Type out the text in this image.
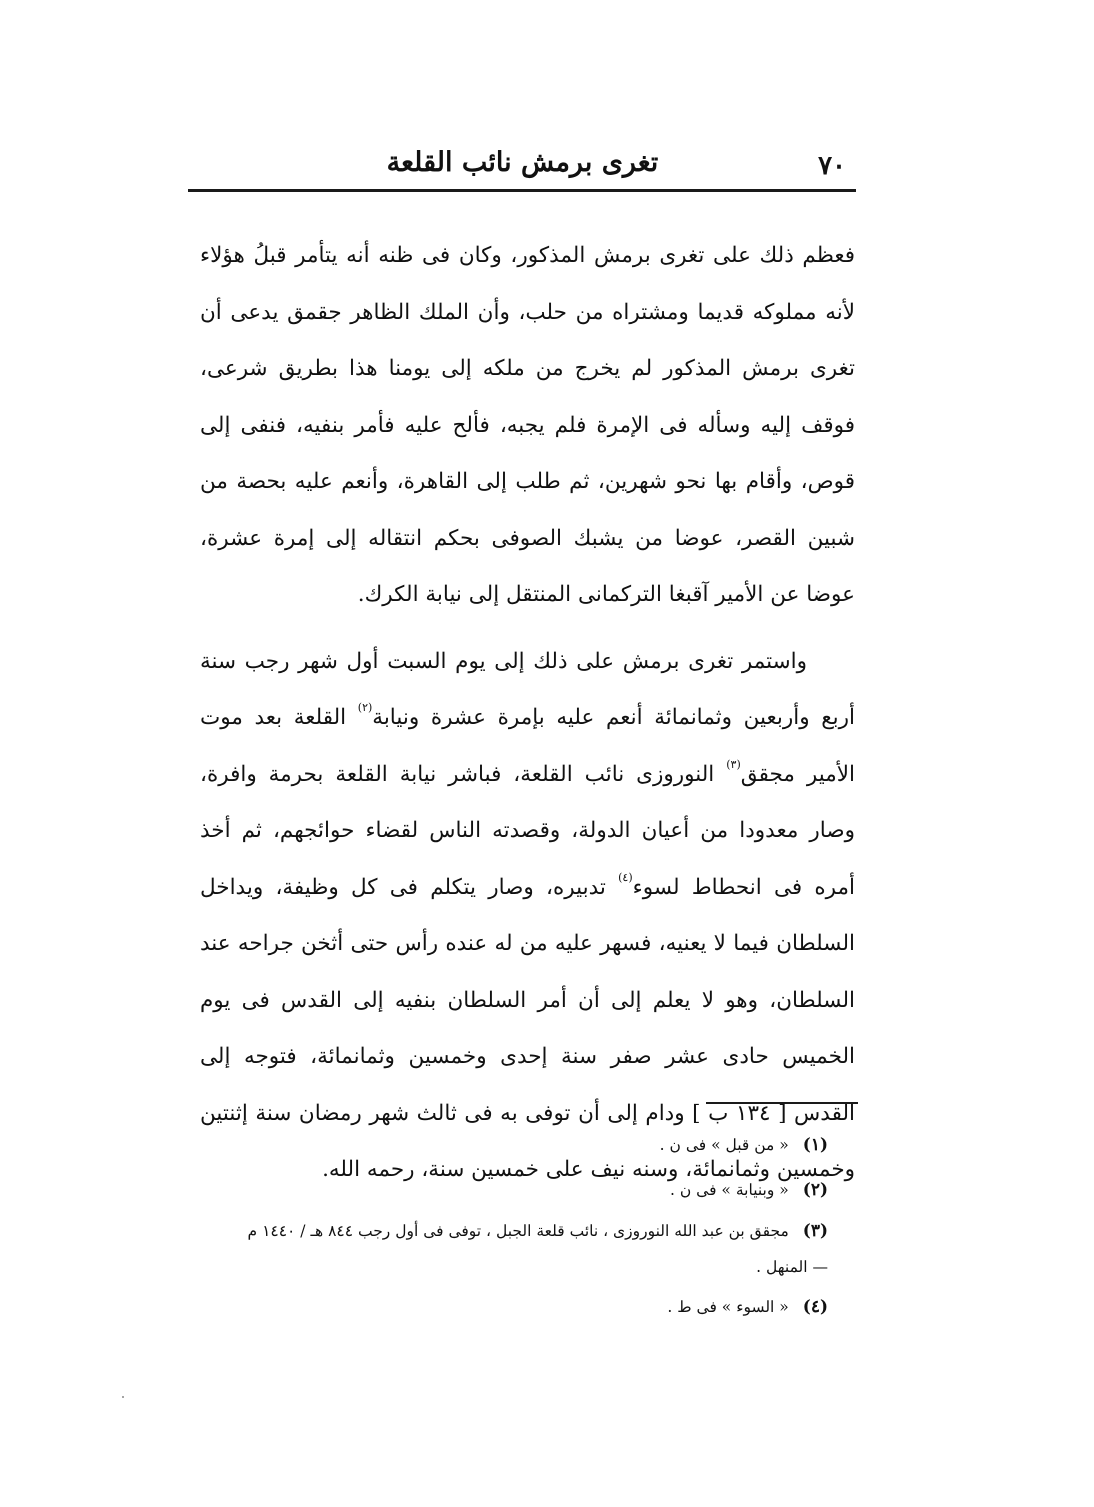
٧٠
تغرى برمش نائب القلعة

فعظم ذلك على تغرى برمش المذكور، وكان فى ظنه أنه يتأمر قبلُ هؤلاء لأنه مملوكه قديما ومشتراه من حلب، وأن الملك الظاهر جقمق يدعى أن تغرى برمش المذكور لم يخرج من ملكه إلى يومنا هذا بطريق شرعى، فوقف إليه وسأله فى الإمرة فلم يجبه، فألح عليه فأمر بنفيه، فنفى إلى قوص، وأقام بها نحو شهرين، ثم طلب إلى القاهرة، وأنعم عليه بحصة من شبين القصر، عوضا من يشبك الصوفى بحكم انتقاله إلى إمرة عشرة، عوضا عن الأمير آقبغا التركمانى المنتقل إلى نيابة الكرك.

واستمر تغرى برمش على ذلك إلى يوم السبت أول شهر رجب سنة أربع وأربعين وثمانمائة أنعم عليه بإمرة عشرة ونيابة$^{(٢)}$ القلعة بعد موت الأمير مجقق$^{(٣)}$ النوروزى نائب القلعة، فباشر نيابة القلعة بحرمة وافرة، وصار معدودا من أعيان الدولة، وقصدته الناس لقضاء حوائجهم، ثم أخذ أمره فى انحطاط لسوء$^{(٤)}$ تدبيره، وصار يتكلم فى كل وظيفة، ويداخل السلطان فيما لا يعنيه، فسهر عليه من له عنده رأس حتى أثخن جراحه عند السلطان، وهو لا يعلم إلى أن أمر السلطان بنفيه إلى القدس فى يوم الخميس حادى عشر صفر سنة إحدى وخمسين وثمانمائة، فتوجه إلى القدس [ ١٣٤ ب ] ودام إلى أن توفى به فى ثالث شهر رمضان سنة إثنتين وخمسين وثمانمائة، وسنه نيف على خمسين سنة، رحمه الله.

(١)« من قبل » فى ن .

(٢)« وبنيابة » فى ن .

(٣)مجقق بن عبد الله النوروزى ، نائب قلعة الجبل ، توفى فى أول رجب ٨٤٤ هـ / ١٤٤٠ م
— المنهل .

(٤)« السوء » فى ط .
